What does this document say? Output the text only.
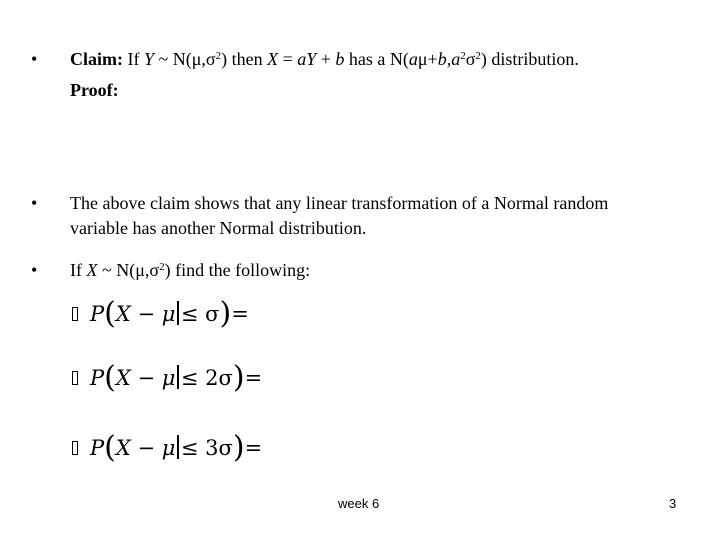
•	Claim: If Y ~ $N(\mu,\sigma^2)$ then X = aY + b has a $N(a\mu+b,a^2\sigma^2)$ distribution.
Proof:
•	The above claim shows that any linear transformation of a Normal random
variable has another Normal distribution.
•	If X ~ $N(\mu,\sigma^2)$ find the following:
P(X − μ ≤ σ)=
P(X − μ ≤ 2σ)=
P(X − μ ≤ 3σ)=
week 6	3
